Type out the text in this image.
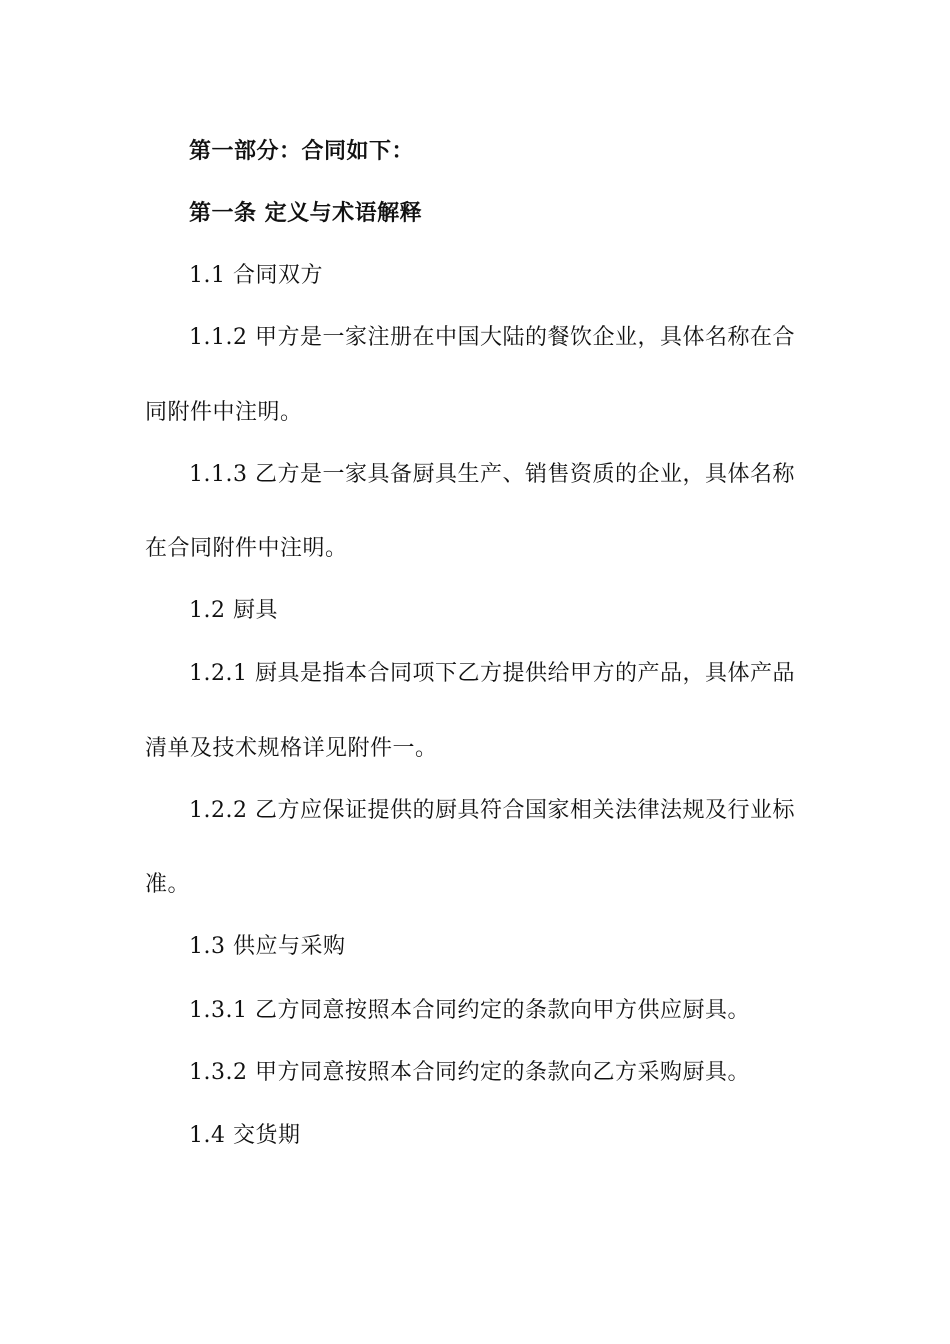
第一部分：合同如下：
第一条 定义与术语解释
1.1 合同双方
1.1.2 甲方是一家注册在中国大陆的餐饮企业，具体名称在合
同附件中注明。
1.1.3 乙方是一家具备厨具生产、销售资质的企业，具体名称
在合同附件中注明。
1.2 厨具
1.2.1 厨具是指本合同项下乙方提供给甲方的产品，具体产品
清单及技术规格详见附件一。
1.2.2 乙方应保证提供的厨具符合国家相关法律法规及行业标
准。
1.3 供应与采购
1.3.1 乙方同意按照本合同约定的条款向甲方供应厨具。
1.3.2 甲方同意按照本合同约定的条款向乙方采购厨具。
1.4 交货期
